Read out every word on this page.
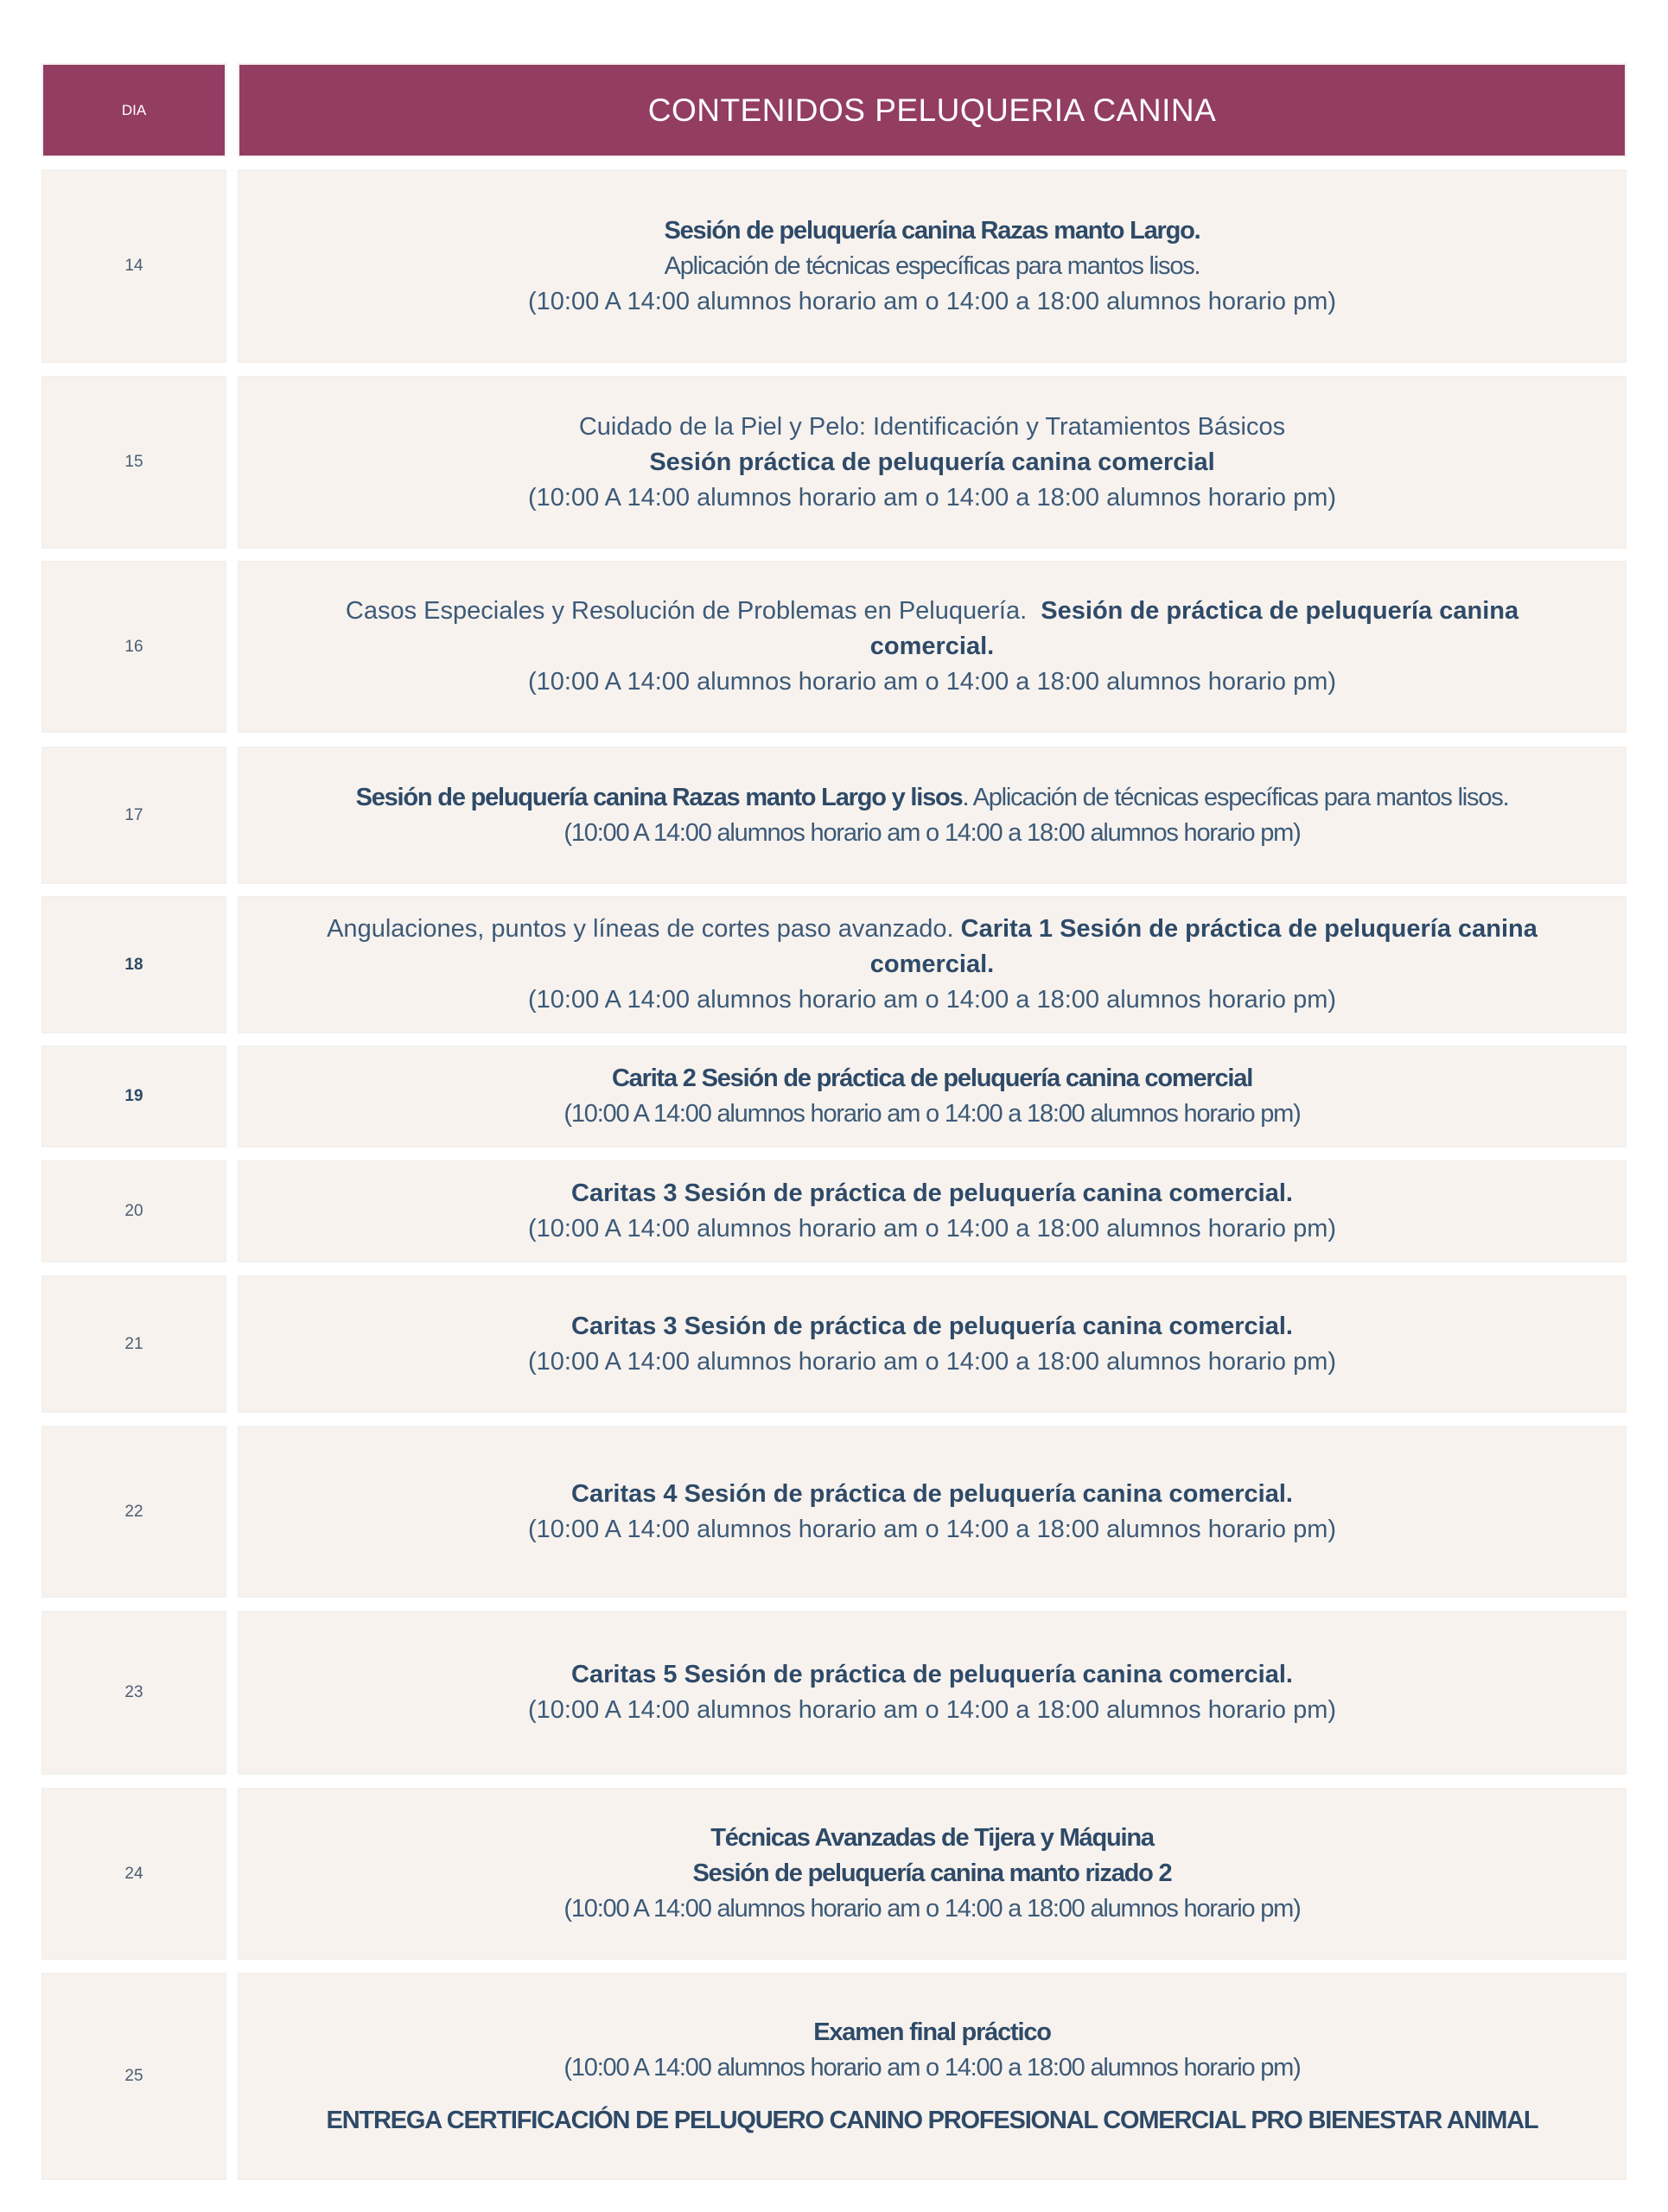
DIA	CONTENIDOS PELUQUERIA CANINA
14
Sesión de peluquería canina Razas manto Largo.
Aplicación de técnicas específicas para mantos lisos.
(10:00 A 14:00 alumnos horario am o 14:00 a 18:00 alumnos horario pm)
15
Cuidado de la Piel y Pelo: Identificación y Tratamientos Básicos
Sesión práctica de peluquería canina comercial
(10:00 A 14:00 alumnos horario am o 14:00 a 18:00 alumnos horario pm)
16
Casos Especiales y Resolución de Problemas en Peluquería. Sesión de práctica de peluquería canina
comercial.
(10:00 A 14:00 alumnos horario am o 14:00 a 18:00 alumnos horario pm)
17
Sesión de peluquería canina Razas manto Largo y lisos. Aplicación de técnicas específicas para mantos lisos.
(10:00 A 14:00 alumnos horario am o 14:00 a 18:00 alumnos horario pm)
18
Angulaciones, puntos y líneas de cortes paso avanzado. Carita 1 Sesión de práctica de peluquería canina
comercial.
(10:00 A 14:00 alumnos horario am o 14:00 a 18:00 alumnos horario pm)
19
Carita 2 Sesión de práctica de peluquería canina comercial
(10:00 A 14:00 alumnos horario am o 14:00 a 18:00 alumnos horario pm)
20
Caritas 3 Sesión de práctica de peluquería canina comercial.
(10:00 A 14:00 alumnos horario am o 14:00 a 18:00 alumnos horario pm)
21
Caritas 3 Sesión de práctica de peluquería canina comercial.
(10:00 A 14:00 alumnos horario am o 14:00 a 18:00 alumnos horario pm)
22
Caritas 4 Sesión de práctica de peluquería canina comercial.
(10:00 A 14:00 alumnos horario am o 14:00 a 18:00 alumnos horario pm)
23
Caritas 5 Sesión de práctica de peluquería canina comercial.
(10:00 A 14:00 alumnos horario am o 14:00 a 18:00 alumnos horario pm)
24
Técnicas Avanzadas de Tijera y Máquina
Sesión de peluquería canina manto rizado 2
(10:00 A 14:00 alumnos horario am o 14:00 a 18:00 alumnos horario pm)
25
Examen final práctico
(10:00 A 14:00 alumnos horario am o 14:00 a 18:00 alumnos horario pm)
ENTREGA CERTIFICACIÓN DE PELUQUERO CANINO PROFESIONAL COMERCIAL PRO BIENESTAR ANIMAL
